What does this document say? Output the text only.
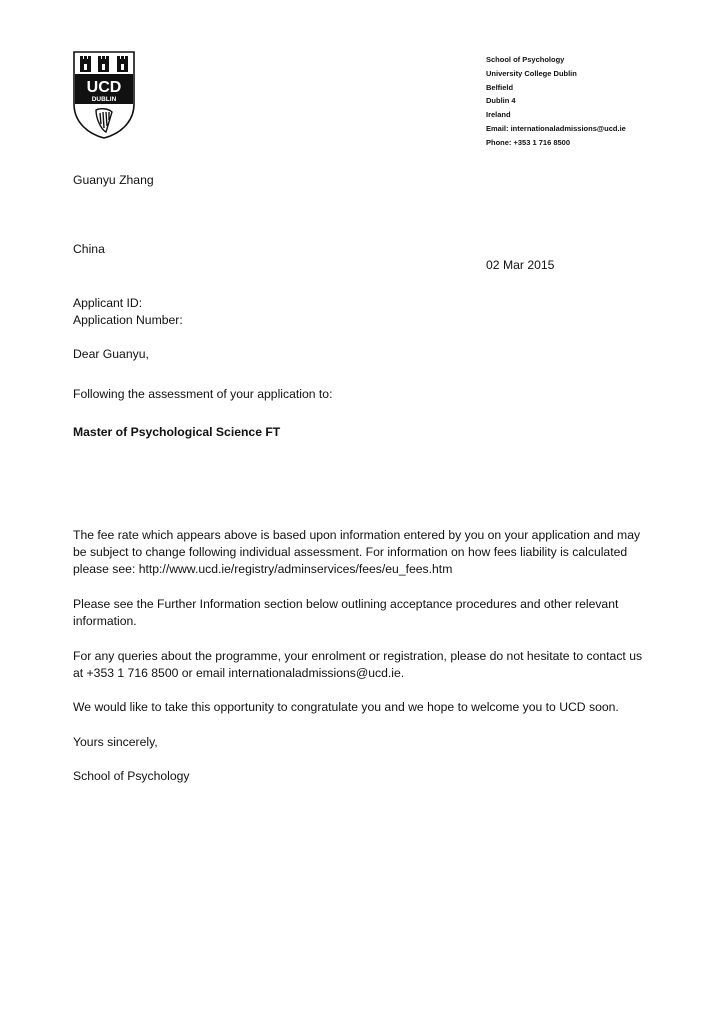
UCD
DUBLIN
School of Psychology
University College Dublin
Belfield
Dublin 4
Ireland
Email: internationaladmissions@ucd.ie
Phone: +353 1 716 8500
Guanyu Zhang
China
02 Mar 2015
Applicant ID:
Application Number:
Dear Guanyu,
Following the assessment of your application to:
Master of Psychological Science FT
The fee rate which appears above is based upon information entered by you on your application and may be subject to change following individual assessment. For information on how fees liability is calculated please see: http://www.ucd.ie/registry/adminservices/fees/eu_fees.htm
Please see the Further Information section below outlining acceptance procedures and other relevant information.
For any queries about the programme, your enrolment or registration, please do not hesitate to contact us at +353 1 716 8500 or email internationaladmissions@ucd.ie.
We would like to take this opportunity to congratulate you and we hope to welcome you to UCD soon.
Yours sincerely,
School of Psychology
